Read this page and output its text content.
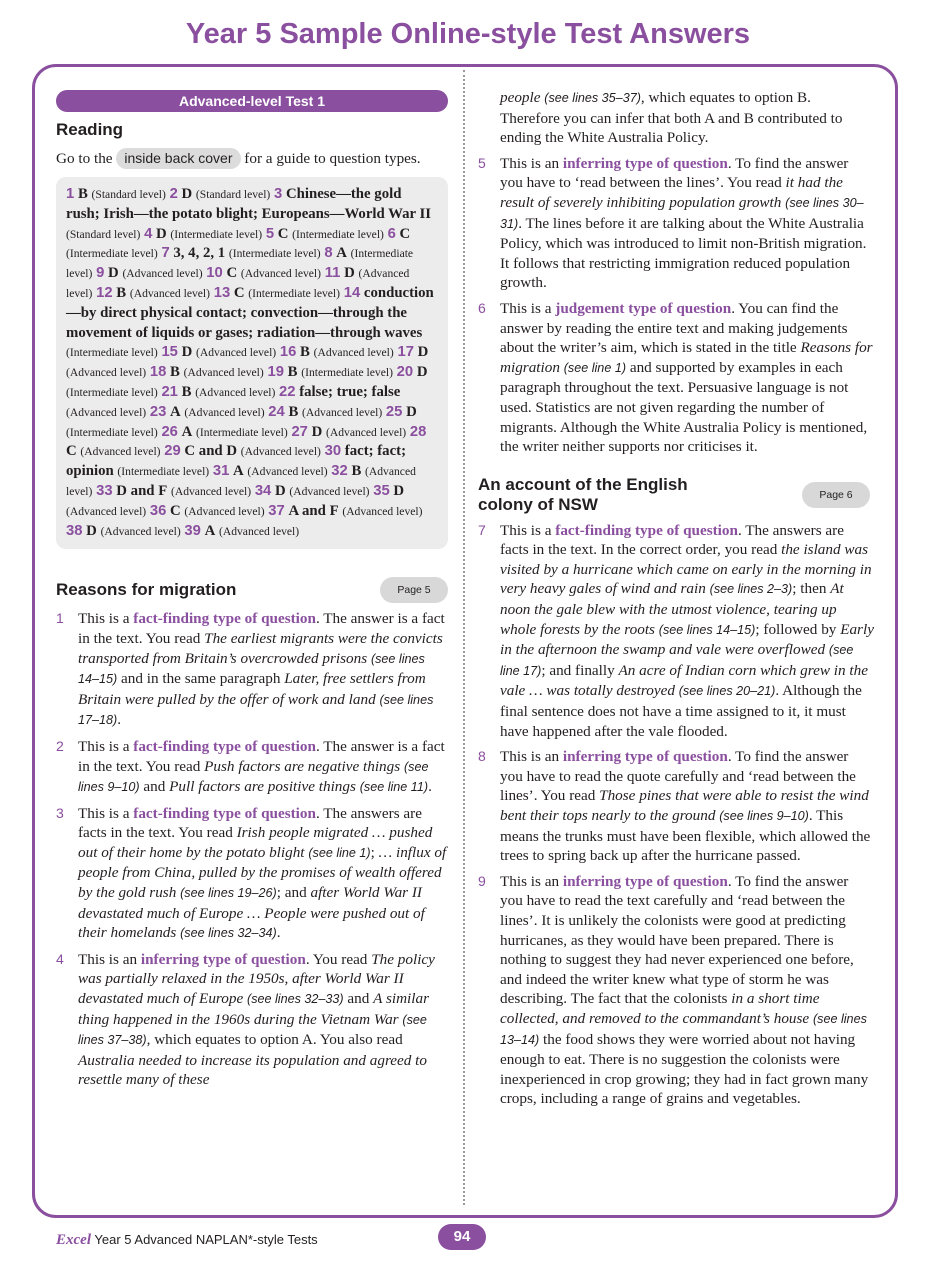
Year 5 Sample Online-style Test Answers
Advanced-level Test 1
Reading
Go to the inside back cover for a guide to question types.
1 B (Standard level) 2 D (Standard level) 3 Chinese—the gold rush; Irish—the potato blight; Europeans—World War II (Standard level) 4 D (Intermediate level) 5 C (Intermediate level) 6 C (Intermediate level) 7 3, 4, 2, 1 (Intermediate level) 8 A (Intermediate level) 9 D (Advanced level) 10 C (Advanced level) 11 D (Advanced level) 12 B (Advanced level) 13 C (Intermediate level) 14 conduction—by direct physical contact; convection—through the movement of liquids or gases; radiation—through waves (Intermediate level) 15 D (Advanced level) 16 B (Advanced level) 17 D (Advanced level) 18 B (Advanced level) 19 B (Intermediate level) 20 D (Intermediate level) 21 B (Advanced level) 22 false; true; false (Advanced level) 23 A (Advanced level) 24 B (Advanced level) 25 D (Intermediate level) 26 A (Intermediate level) 27 D (Advanced level) 28 C (Advanced level) 29 C and D (Advanced level) 30 fact; fact; opinion (Intermediate level) 31 A (Advanced level) 32 B (Advanced level) 33 D and F (Advanced level) 34 D (Advanced level) 35 D (Advanced level) 36 C (Advanced level) 37 A and F (Advanced level) 38 D (Advanced level) 39 A (Advanced level)
Reasons for migration	Page 5
1 This is a fact-finding type of question. The answer is a fact in the text. You read The earliest migrants were the convicts transported from Britain’s overcrowded prisons (see lines 14–15) and in the same paragraph Later, free settlers from Britain were pulled by the offer of work and land (see lines 17–18).
2 This is a fact-finding type of question. The answer is a fact in the text. You read Push factors are negative things (see lines 9–10) and Pull factors are positive things (see line 11).
3 This is a fact-finding type of question. The answers are facts in the text. You read Irish people migrated … pushed out of their home by the potato blight (see line 1); … influx of people from China, pulled by the promises of wealth offered by the gold rush (see lines 19–26); and after World War II devastated much of Europe … People were pushed out of their homelands (see lines 32–34).
4 This is an inferring type of question. You read The policy was partially relaxed in the 1950s, after World War II devastated much of Europe (see lines 32–33) and A similar thing happened in the 1960s during the Vietnam War (see lines 37–38), which equates to option A. You also read Australia needed to increase its population and agreed to resettle many of these
people (see lines 35–37), which equates to option B. Therefore you can infer that both A and B contributed to ending the White Australia Policy.
5 This is an inferring type of question. To find the answer you have to ‘read between the lines’. You read it had the result of severely inhibiting population growth (see lines 30–31). The lines before it are talking about the White Australia Policy, which was introduced to limit non-British migration. It follows that restricting immigration reduced population growth.
6 This is a judgement type of question. You can find the answer by reading the entire text and making judgements about the writer’s aim, which is stated in the title Reasons for migration (see line 1) and supported by examples in each paragraph throughout the text. Persuasive language is not used. Statistics are not given regarding the number of migrants. Although the White Australia Policy is mentioned, the writer neither supports nor criticises it.
An account of the English
colony of NSW	Page 6
7 This is a fact-finding type of question. The answers are facts in the text. In the correct order, you read the island was visited by a hurricane which came on early in the morning in very heavy gales of wind and rain (see lines 2–3); then At noon the gale blew with the utmost violence, tearing up whole forests by the roots (see lines 14–15); followed by Early in the afternoon the swamp and vale were overflowed (see line 17); and finally An acre of Indian corn which grew in the vale … was totally destroyed (see lines 20–21). Although the final sentence does not have a time assigned to it, it must have happened after the vale flooded.
8 This is an inferring type of question. To find the answer you have to read the quote carefully and ‘read between the lines’. You read Those pines that were able to resist the wind bent their tops nearly to the ground (see lines 9–10). This means the trunks must have been flexible, which allowed the trees to spring back up after the hurricane passed.
9 This is an inferring type of question. To find the answer you have to read the text carefully and ‘read between the lines’. It is unlikely the colonists were good at predicting hurricanes, as they would have been prepared. There is nothing to suggest they had never experienced one before, and indeed the writer knew what type of storm he was describing. The fact that the colonists in a short time collected, and removed to the commandant’s house (see lines 13–14) the food shows they were worried about not having enough to eat. There is no suggestion the colonists were inexperienced in crop growing; they had in fact grown many crops, including a range of grains and vegetables.
Excel Year 5 Advanced NAPLAN*-style Tests	94
